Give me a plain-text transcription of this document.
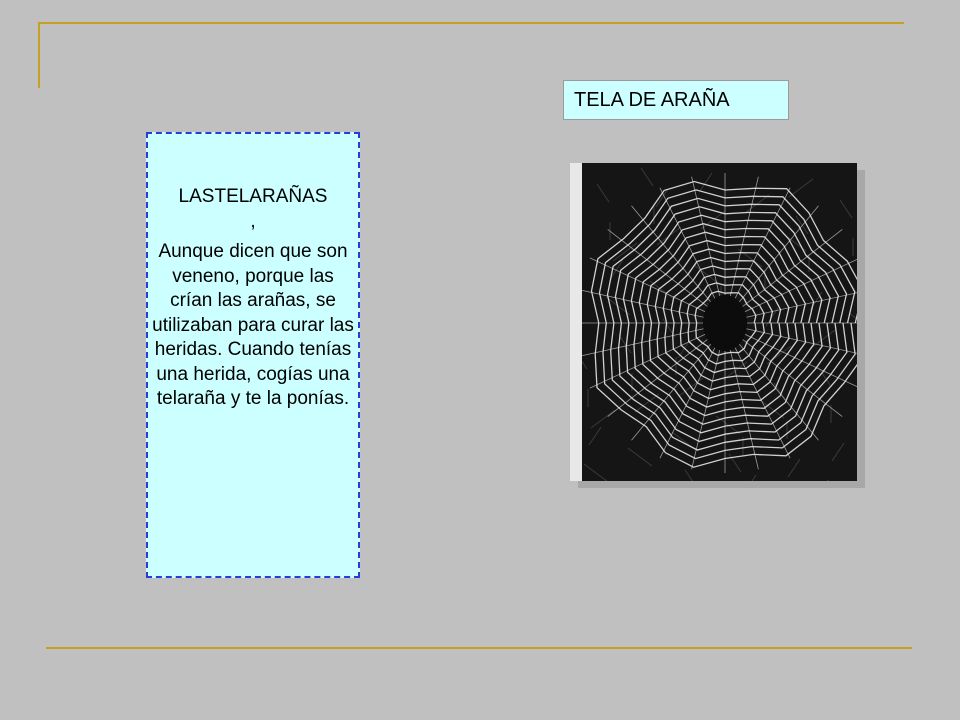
TELA DE ARAÑA
LASTELARAÑAS
,
Aunque dicen que son veneno, porque las crían las arañas, se utilizaban para curar las heridas. Cuando tenías una herida, cogías una telaraña y te la ponías.
